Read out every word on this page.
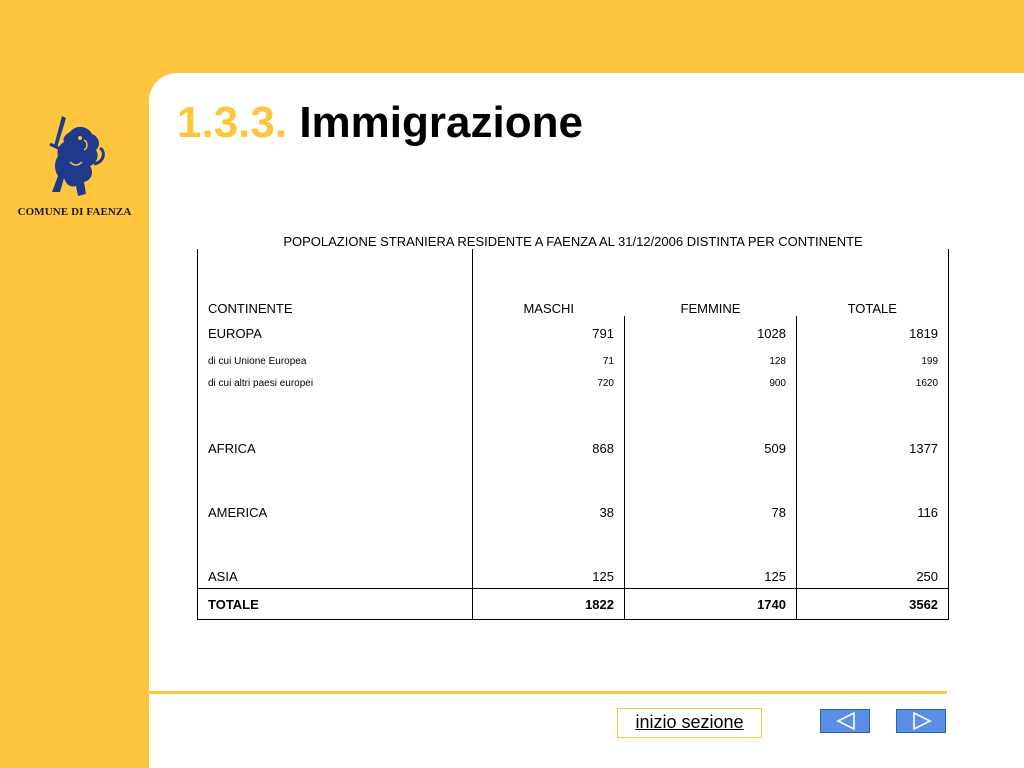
COMUNE DI FAENZA
1.3.3. Immigrazione
POPOLAZIONE STRANIERA RESIDENTE A FAENZA AL 31/12/2006 DISTINTA PER CONTINENTE			
CONTINENTE	MASCHI	FEMMINE	TOTALE
EUROPA	791	1028	1819
di cui Unione Europea	71	128	199
di cui altri paesi europei	720	900	1620
AFRICA	868	509	1377
AMERICA	38	78	116
ASIA	125	125	250
TOTALE	1822	1740	3562
inizio sezione
